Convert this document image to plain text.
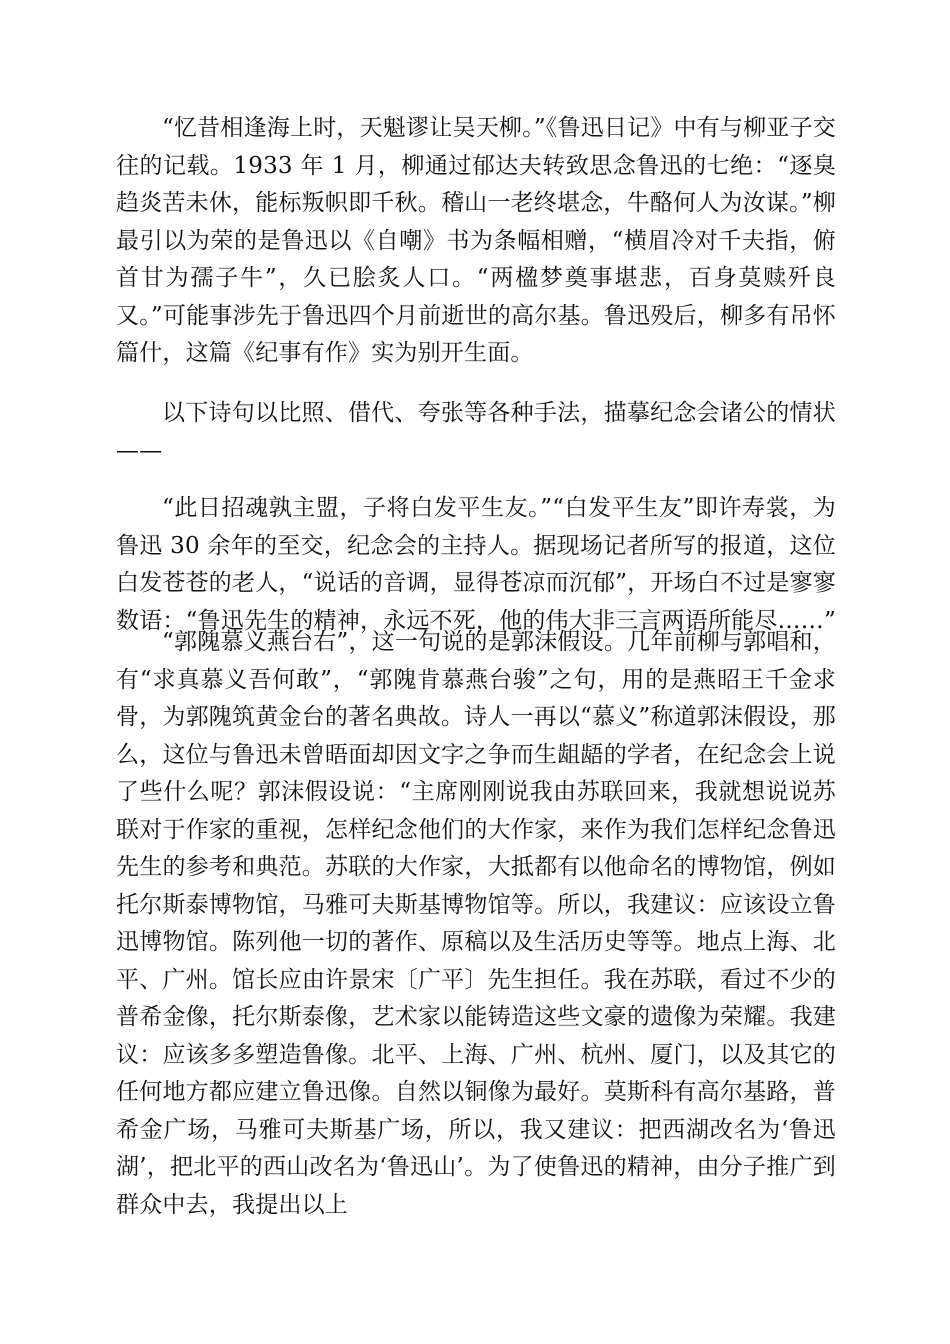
“忆昔相逢海上时，天魁谬让吴天柳。”《鲁迅日记》中有与柳亚子交往的记载。1933 年 1 月，柳通过郁达夫转致思念鲁迅的七绝：“逐臭趋炎苦未休，能标叛帜即千秋。稽山一老终堪念，牛酪何人为汝谋。”柳最引以为荣的是鲁迅以《自嘲》书为条幅相赠，“横眉冷对千夫指，俯首甘为孺子牛”，久已脍炙人口。“两楹梦奠事堪悲，百身莫赎歼良又。”可能事涉先于鲁迅四个月前逝世的高尔基。鲁迅殁后，柳多有吊怀篇什，这篇《纪事有作》实为别开生面。

以下诗句以比照、借代、夸张等各种手法，描摹纪念会诸公的情状——

“此日招魂孰主盟，子将白发平生友。”“白发平生友”即许寿裳，为鲁迅 30 余年的至交，纪念会的主持人。据现场记者所写的报道，这位白发苍苍的老人，“说话的音调，显得苍凉而沉郁”，开场白不过是寥寥数语：“鲁迅先生的精神，永远不死，他的伟大非三言两语所能尽……”

“郭隗慕义燕台右”，这一句说的是郭沫假设。几年前柳与郭唱和，有“求真慕义吾何敢”，“郭隗肯慕燕台骏”之句，用的是燕昭王千金求骨，为郭隗筑黄金台的著名典故。诗人一再以“慕义”称道郭沫假设，那么，这位与鲁迅未曾晤面却因文字之争而生龃龉的学者，在纪念会上说了些什么呢？郭沫假设说：“主席刚刚说我由苏联回来，我就想说说苏联对于作家的重视，怎样纪念他们的大作家，来作为我们怎样纪念鲁迅先生的参考和典范。苏联的大作家，大抵都有以他命名的博物馆，例如托尔斯泰博物馆，马雅可夫斯基博物馆等。所以，我建议：应该设立鲁迅博物馆。陈列他一切的著作、原稿以及生活历史等等。地点上海、北平、广州。馆长应由许景宋〔广平〕先生担任。我在苏联，看过不少的普希金像，托尔斯泰像，艺术家以能铸造这些文豪的遗像为荣耀。我建议：应该多多塑造鲁像。北平、上海、广州、杭州、厦门，以及其它的任何地方都应建立鲁迅像。自然以铜像为最好。莫斯科有高尔基路，普希金广场，马雅可夫斯基广场，所以，我又建议：把西湖改名为‘鲁迅湖’，把北平的西山改名为‘鲁迅山’。为了使鲁迅的精神，由分子推广到群众中去，我提出以上
